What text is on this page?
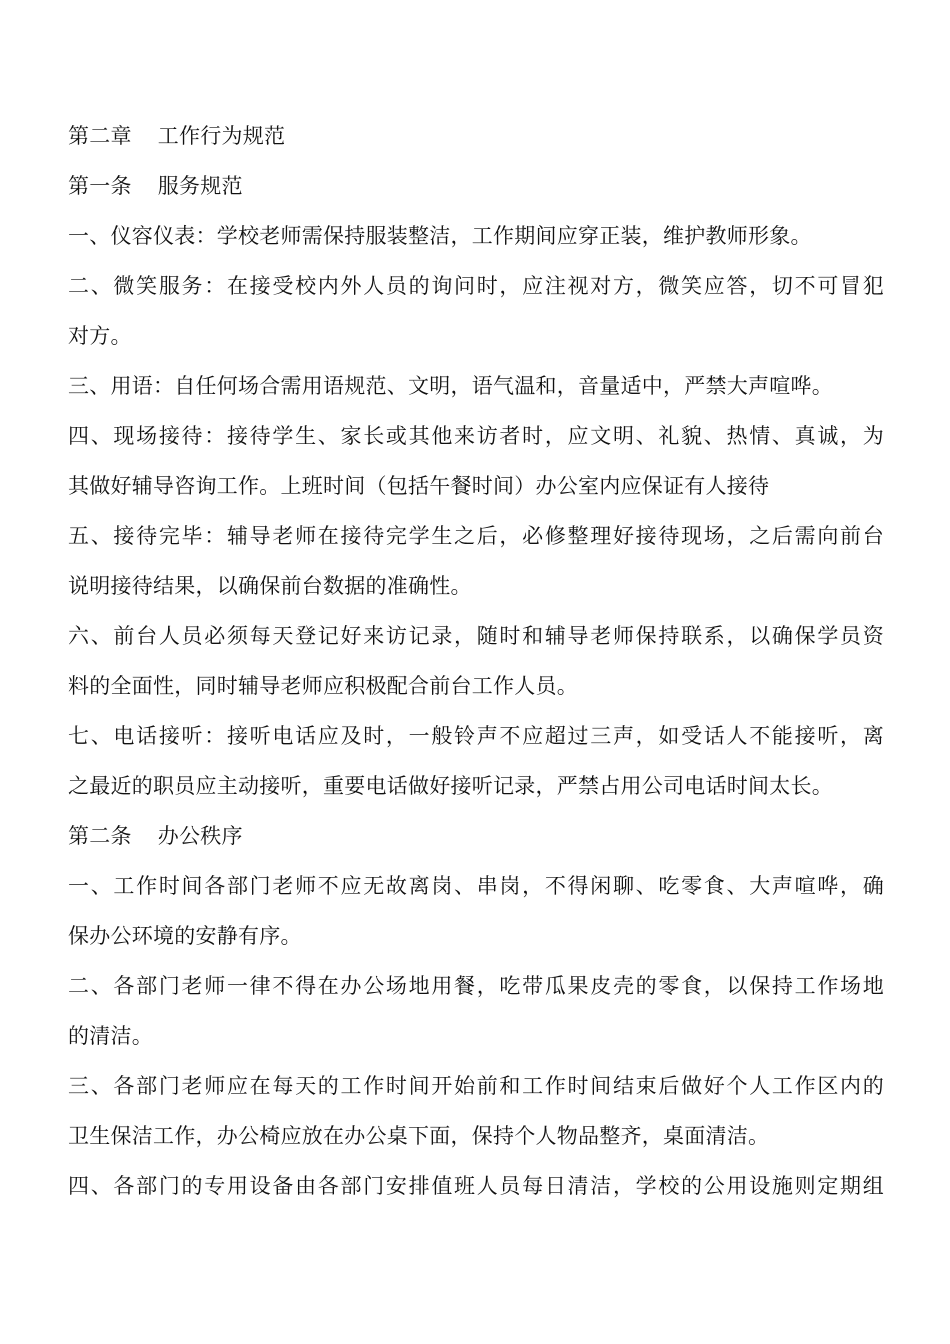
第二章 工作行为规范
第一条 服务规范
一、仪容仪表：学校老师需保持服装整洁，工作期间应穿正装，维护教师形象。
二、微笑服务：在接受校内外人员的询问时，应注视对方，微笑应答，切不可冒犯
对方。
三、用语：自任何场合需用语规范、文明，语气温和，音量适中，严禁大声喧哗。
四、现场接待：接待学生、家长或其他来访者时，应文明、礼貌、热情、真诚，为
其做好辅导咨询工作。上班时间（包括午餐时间）办公室内应保证有人接待
五、接待完毕：辅导老师在接待完学生之后，必修整理好接待现场，之后需向前台
说明接待结果，以确保前台数据的准确性。
六、前台人员必须每天登记好来访记录，随时和辅导老师保持联系，以确保学员资
料的全面性，同时辅导老师应积极配合前台工作人员。
七、电话接听：接听电话应及时，一般铃声不应超过三声，如受话人不能接听，离
之最近的职员应主动接听，重要电话做好接听记录，严禁占用公司电话时间太长。
第二条 办公秩序
一、工作时间各部门老师不应无故离岗、串岗，不得闲聊、吃零食、大声喧哗，确
保办公环境的安静有序。
二、各部门老师一律不得在办公场地用餐，吃带瓜果皮壳的零食，以保持工作场地
的清洁。
三、各部门老师应在每天的工作时间开始前和工作时间结束后做好个人工作区内的
卫生保洁工作，办公椅应放在办公桌下面，保持个人物品整齐，桌面清洁。
四、各部门的专用设备由各部门安排值班人员每日清洁，学校的公用设施则定期组
